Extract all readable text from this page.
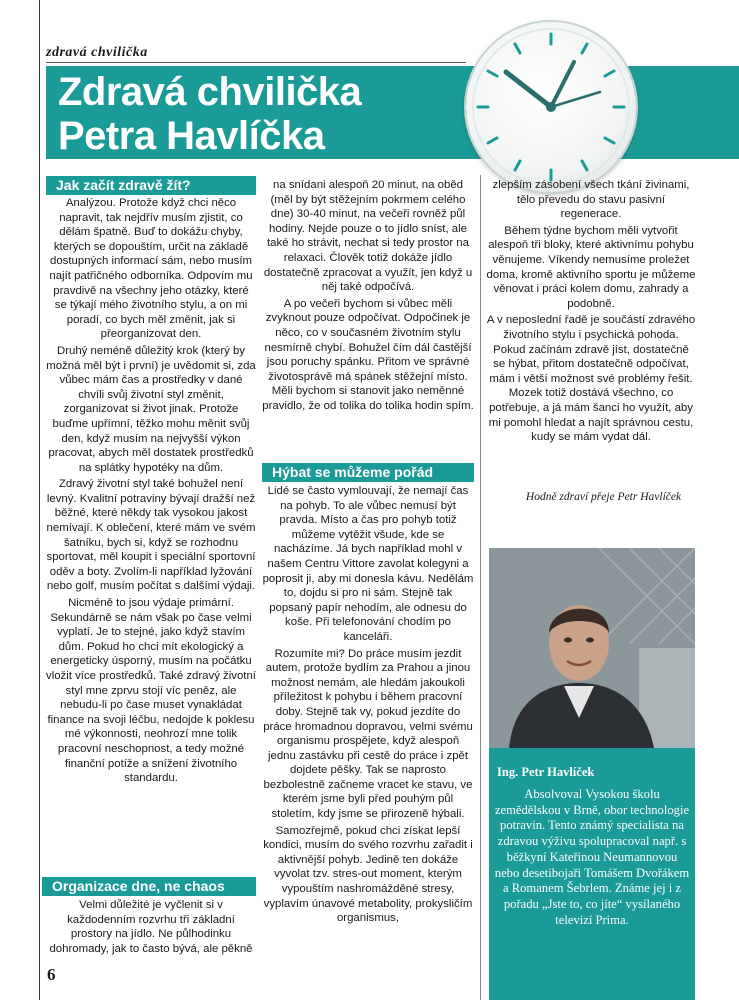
zdravá chvilička
Zdravá chvilička
Petra Havlíčka
Jak začít zdravě žít?

Analýzou. Protože když chci něco napravit, tak nejdřív musím zjistit, co dělám špatně. Buď to dokážu chyby, kterých se dopouštím, určit na základě dostupných informací sám, nebo musím najít patřičného odborníka. Odpovím mu pravdivě na všechny jeho otázky, které se týkají mého životního stylu, a on mi poradí, co bych měl změnit, jak si přeorganizovat den.

Druhý neméně důležitý krok (který by možná měl být i první) je uvědomit si, zda vůbec mám čas a prostředky v dané chvíli svůj životní styl změnit, zorganizovat si život jinak. Protože buďme upřímní, těžko mohu měnit svůj den, když musím na nejvyšší výkon pracovat, abych měl dostatek prostředků na splátky hypotéky na dům.

Zdravý životní styl také bohužel není levný. Kvalitní potraviny bývají dražší než běžné, které někdy tak vysokou jakost nemívají. K oblečení, které mám ve svém šatníku, bych si, když se rozhodnu sportovat, měl koupit i speciální sportovní oděv a boty. Zvolím-li například lyžování nebo golf, musím počítat s dalšími výdaji.

Nicméně to jsou výdaje primární. Sekundárně se nám však po čase velmi vyplatí. Je to stejné, jako když stavím dům. Pokud ho chci mít ekologický a energeticky úsporný, musím na počátku vložit více prostředků. Také zdravý životní styl mne zprvu stojí víc peněz, ale nebudu-li po čase muset vynakládat finance na svoji léčbu, nedojde k poklesu mé výkonnosti, neohrozí mne tolik pracovní neschopnost, a tedy možné finanční potíže a snížení životního standardu.

Organizace dne, ne chaos

Velmi důležité je vyčlenit si v každodenním rozvrhu tři základní prostory na jídlo. Ne půlhodinku dohromady, jak to často bývá, ale pěkně

na snídani alespoň 20 minut, na oběd (měl by být stěžejním pokrmem celého dne) 30-40 minut, na večeři rovněž půl hodiny. Nejde pouze o to jídlo sníst, ale také ho strávit, nechat si tedy prostor na relaxaci. Člověk totiž dokáže jídlo dostatečně zpracovat a využít, jen když u něj také odpočívá.

A po večeři bychom si vůbec měli zvyknout pouze odpočívat. Odpočinek je něco, co v současném životním stylu nesmírně chybí. Bohužel čím dál častější jsou poruchy spánku. Přitom ve správné životosprávě má spánek stěžejní místo. Měli bychom si stanovit jako neměnné pravidlo, že od tolika do tolika hodin spím.

Hýbat se můžeme pořád

Lidé se často vymlouvají, že nemají čas na pohyb. To ale vůbec nemusí být pravda. Místo a čas pro pohyb totiž můžeme vytěžit všude, kde se nacházíme. Já bych například mohl v našem Centru Vittore zavolat kolegyni a poprosit ji, aby mi donesla kávu. Nedělám to, dojdu si pro ni sám. Stejně tak popsaný papír nehodím, ale odnesu do koše. Při telefonování chodím po kanceláři.

Rozumíte mi? Do práce musím jezdit autem, protože bydlím za Prahou a jinou možnost nemám, ale hledám jakoukoli příležitost k pohybu i během pracovní doby. Stejně tak vy, pokud jezdíte do práce hromadnou dopravou, velmi svému organismu prospějete, když alespoň jednu zastávku při cestě do práce i zpět dojdete pěšky. Tak se naprosto bezbolestně začneme vracet ke stavu, ve kterém jsme byli před pouhým půl stoletím, kdy jsme se přirozeně hýbali.

Samozřejmě, pokud chci získat lepší kondici, musím do svého rozvrhu zařadit i aktivnější pohyb. Jedině ten dokáže vyvolat tzv. stres-out moment, kterým vypouštím nashromážděné stresy, vyplavím únavové metabolity, prokysličím organismus,

zlepším zásobení všech tkání živinami, tělo převedu do stavu pasivní regenerace.

Během týdne bychom měli vytvořit alespoň tři bloky, které aktivnímu pohybu věnujeme. Víkendy nemusíme proležet doma, kromě aktivního sportu je můžeme věnovat i práci kolem domu, zahrady a podobně.

A v neposlední řadě je součástí zdravého životního stylu i psychická pohoda. Pokud začínám zdravě jíst, dostatečně se hýbat, přitom dostatečně odpočívat, mám i větší možnost své problémy řešit. Mozek totiž dostává všechno, co potřebuje, a já mám šanci ho využít, aby mi pomohl hledat a najít správnou cestu, kudy se mám vydat dál.

Hodně zdraví přeje Petr Havlíček
Ing. Petr Havlíček

Absolvoval Vysokou školu zemědělskou v Brně, obor technologie potravin. Tento známý specialista na zdravou výživu spolupracoval např. s běžkyní Kateřinou Neumannovou nebo desetibojaři Tomášem Dvořákem a Romanem Šebrlem. Známe jej i z pořadu „Jste to, co jíte“ vysílaného televizí Prima.

6
